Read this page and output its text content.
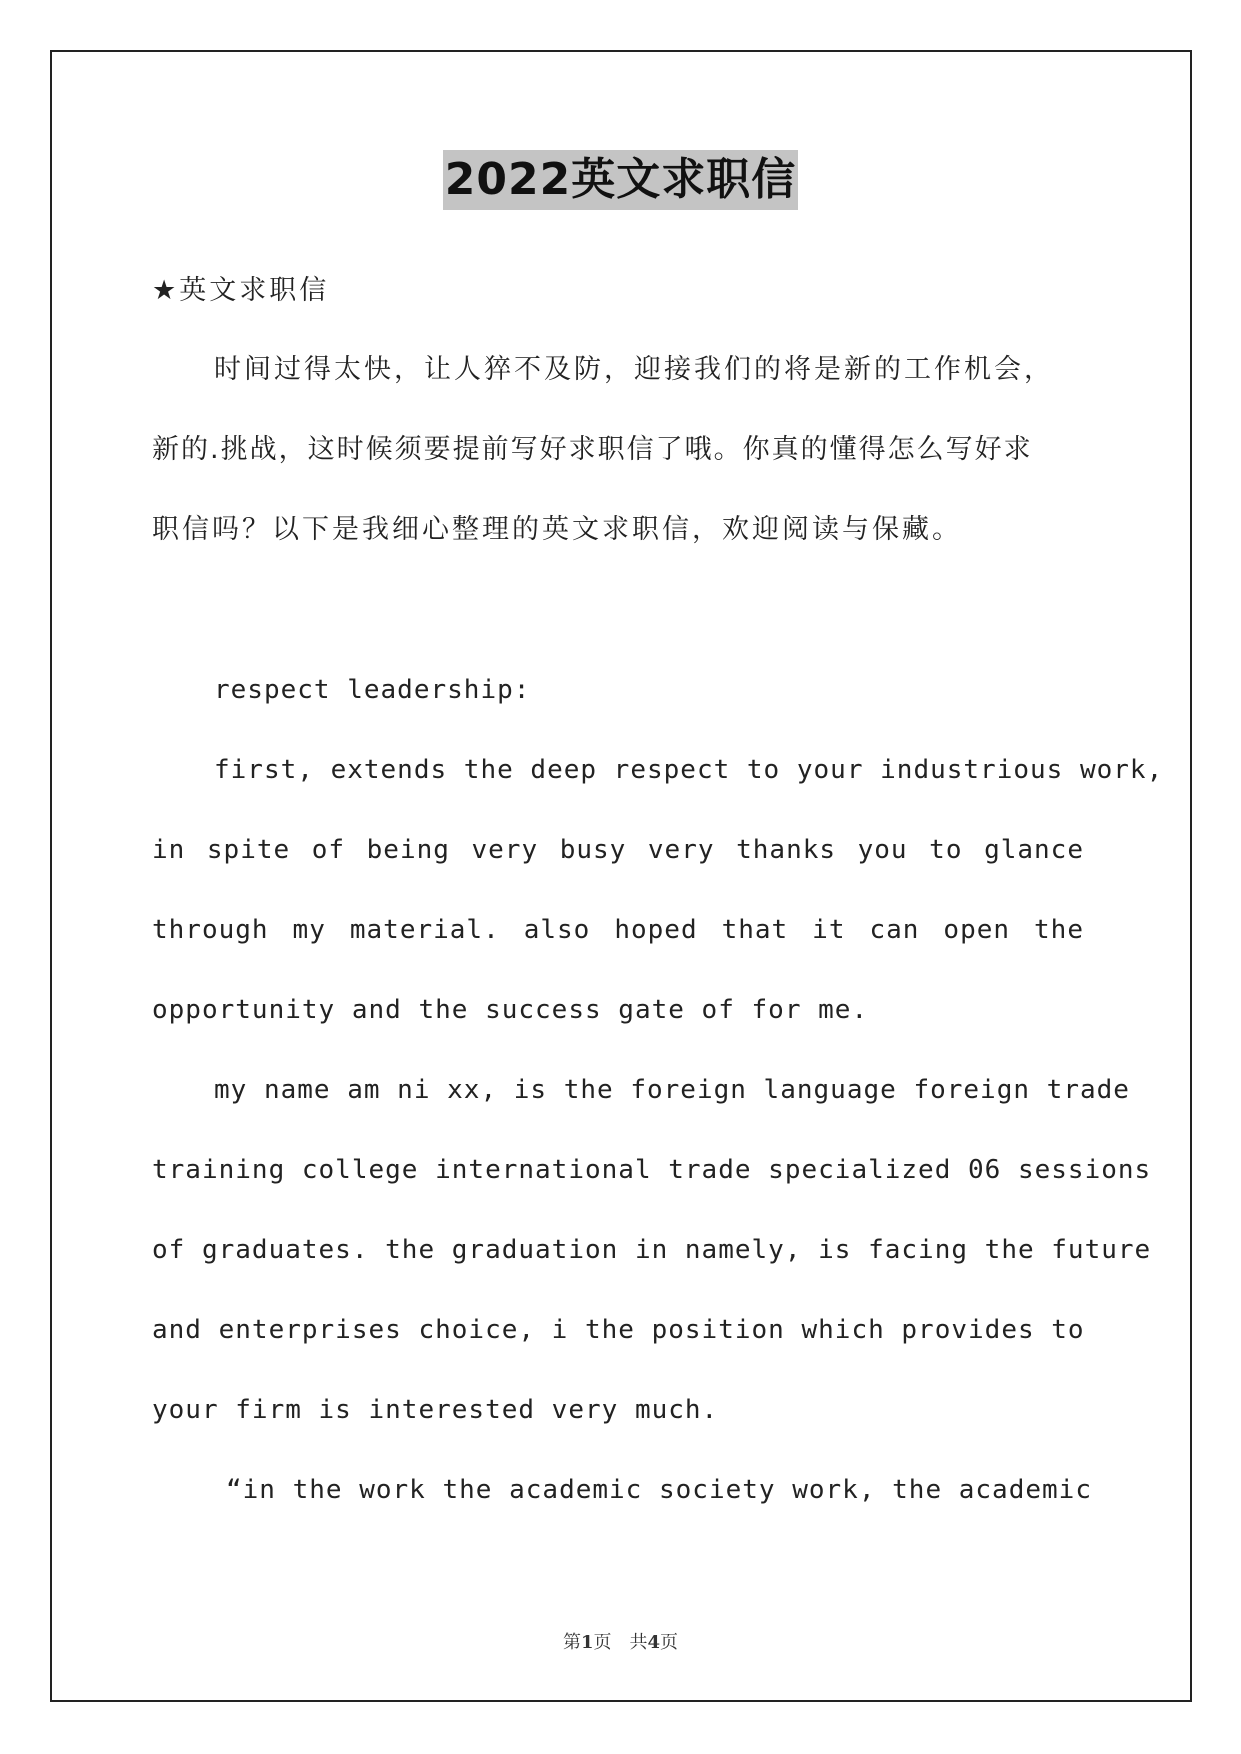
2022英文求职信
★英文求职信
时间过得太快，让人猝不及防，迎接我们的将是新的工作机会，
新的.挑战，这时候须要提前写好求职信了哦。你真的懂得怎么写好求
职信吗？以下是我细心整理的英文求职信，欢迎阅读与保藏。
respect leadership:
first, extends the deep respect to your industrious work,
in spite of being very busy very thanks you to glance
through my material. also hoped that it can open the
opportunity and the success gate of for me.
my name am ni xx, is the foreign language foreign trade
training college international trade specialized 06 sessions
of graduates. the graduation in namely, is facing the future
and enterprises choice, i the position which provides to
your firm is interested very much.
“in the work the academic society work, the academic
第1页　共4页
